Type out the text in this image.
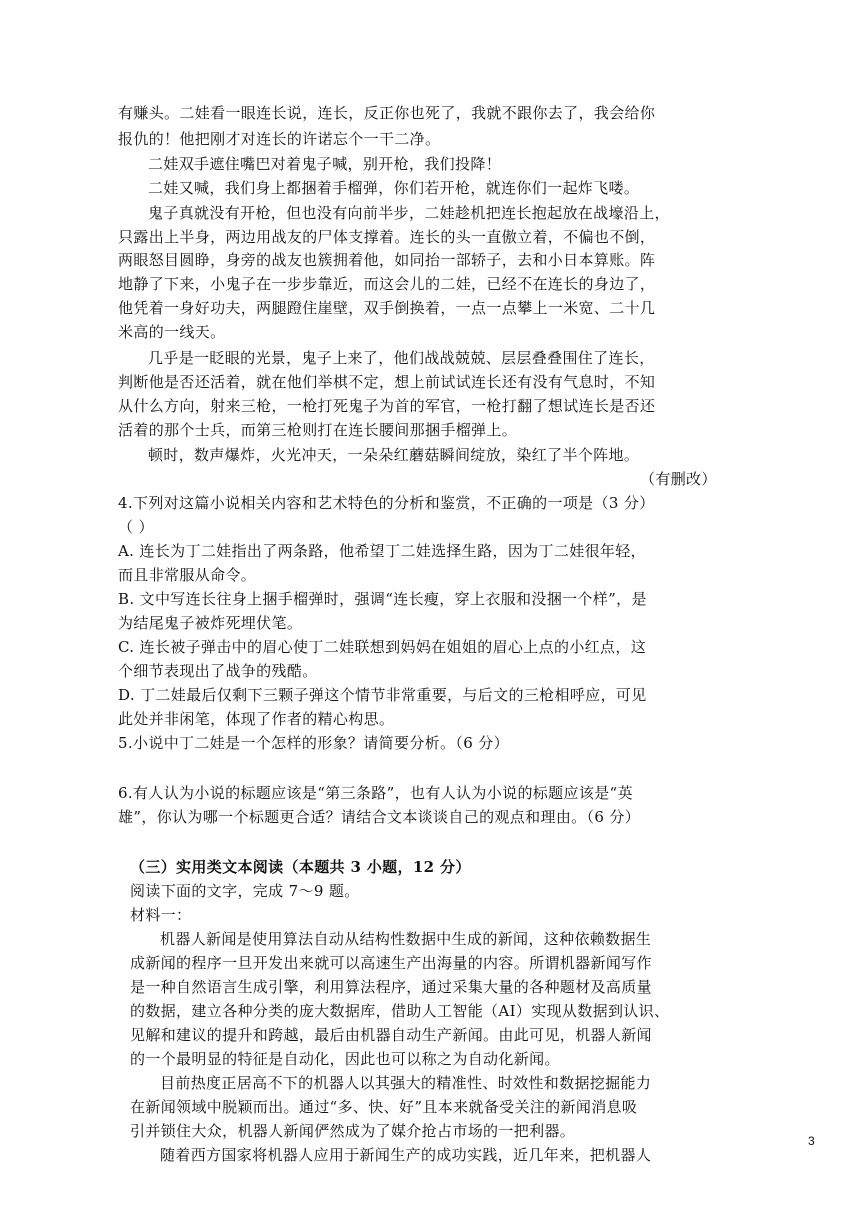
有赚头。二娃看一眼连长说，连长，反正你也死了，我就不跟你去了，我会给你
报仇的！他把刚才对连长的许诺忘个一干二净。
二娃双手遮住嘴巴对着鬼子喊，别开枪，我们投降！
二娃又喊，我们身上都捆着手榴弹，你们若开枪，就连你们一起炸飞喽。
鬼子真就没有开枪，但也没有向前半步，二娃趁机把连长抱起放在战壕沿上，
只露出上半身，两边用战友的尸体支撑着。连长的头一直傲立着，不偏也不倒，
两眼怒目圆睁，身旁的战友也簇拥着他，如同抬一部轿子，去和小日本算账。阵
地静了下来，小鬼子在一步步靠近，而这会儿的二娃，已经不在连长的身边了，
他凭着一身好功夫，两腿蹬住崖壁，双手倒换着，一点一点攀上一米宽、二十几
米高的一线天。
几乎是一眨眼的光景，鬼子上来了，他们战战兢兢、层层叠叠围住了连长，
判断他是否还活着，就在他们举棋不定，想上前试试连长还有没有气息时，不知
从什么方向，射来三枪，一枪打死鬼子为首的军官，一枪打翻了想试连长是否还
活着的那个士兵，而第三枪则打在连长腰间那捆手榴弹上。
顿时，数声爆炸，火光冲天，一朵朵红蘑菇瞬间绽放，染红了半个阵地。
（有删改）
4.下列对这篇小说相关内容和艺术特色的分析和鉴赏，不正确的一项是（3 分）
（ ）
A. 连长为丁二娃指出了两条路，他希望丁二娃选择生路，因为丁二娃很年轻，
而且非常服从命令。
B. 文中写连长往身上捆手榴弹时，强调“连长瘦，穿上衣服和没捆一个样”，是
为结尾鬼子被炸死埋伏笔。
C. 连长被子弹击中的眉心使丁二娃联想到妈妈在姐姐的眉心上点的小红点，这
个细节表现出了战争的残酷。
D. 丁二娃最后仅剩下三颗子弹这个情节非常重要，与后文的三枪相呼应，可见
此处并非闲笔，体现了作者的精心构思。
5.小说中丁二娃是一个怎样的形象？请简要分析。（6 分）
6.有人认为小说的标题应该是“第三条路”，也有人认为小说的标题应该是“英
雄”，你认为哪一个标题更合适？请结合文本谈谈自己的观点和理由。（6 分）
（三）实用类文本阅读（本题共 3 小题，12 分）
阅读下面的文字，完成 7～9 题。
材料一：
机器人新闻是使用算法自动从结构性数据中生成的新闻，这种依赖数据生
成新闻的程序一旦开发出来就可以高速生产出海量的内容。所谓机器新闻写作
是一种自然语言生成引擎，利用算法程序，通过采集大量的各种题材及高质量
的数据，建立各种分类的庞大数据库，借助人工智能（AI）实现从数据到认识、
见解和建议的提升和跨越，最后由机器自动生产新闻。由此可见，机器人新闻
的一个最明显的特征是自动化，因此也可以称之为自动化新闻。
目前热度正居高不下的机器人以其强大的精准性、时效性和数据挖掘能力
在新闻领域中脱颖而出。通过“多、快、好”且本来就备受关注的新闻消息吸
引并锁住大众，机器人新闻俨然成为了媒介抢占市场的一把利器。
随着西方国家将机器人应用于新闻生产的成功实践，近几年来，把机器人
3
